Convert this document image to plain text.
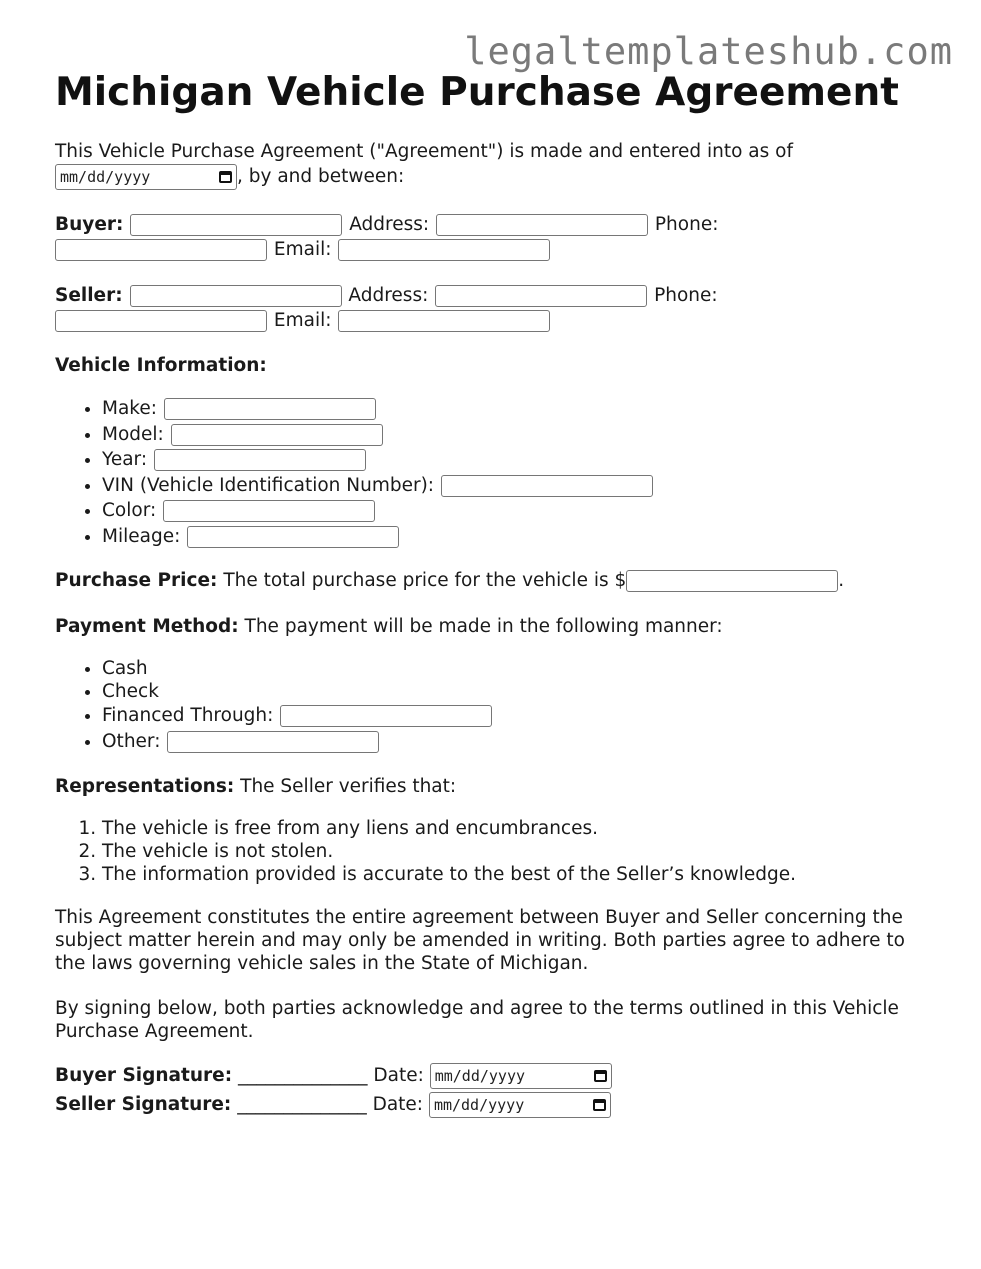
legaltemplateshub.com
Michigan Vehicle Purchase Agreement

This Vehicle Purchase Agreement ("Agreement") is made and entered into as of

mm/dd/yyyy	, by and between:

Buyer:	Address:	Phone:
Email:
Seller:	Address:	Phone:
Email:

Vehicle Information:

• Make:
• Model:
• Year:
• VIN (Vehicle Identification Number):
• Color:
• Mileage:

Purchase Price: The total purchase price for the vehicle is $	.

Payment Method: The payment will be made in the following manner:

• Cash
• Check
• Financed Through:
• Other:

Representations: The Seller verifies that:

1. The vehicle is free from any liens and encumbrances.
2. The vehicle is not stolen.
3. The information provided is accurate to the best of the Seller’s knowledge.

This Agreement constitutes the entire agreement between Buyer and Seller concerning the subject matter herein and may only be amended in writing. Both parties agree to adhere to the laws governing vehicle sales in the State of Michigan.

By signing below, both parties acknowledge and agree to the terms outlined in this Vehicle Purchase Agreement.

Buyer Signature: ______________ Date: mm/dd/yyyy
Seller Signature: ______________ Date: mm/dd/yyyy
